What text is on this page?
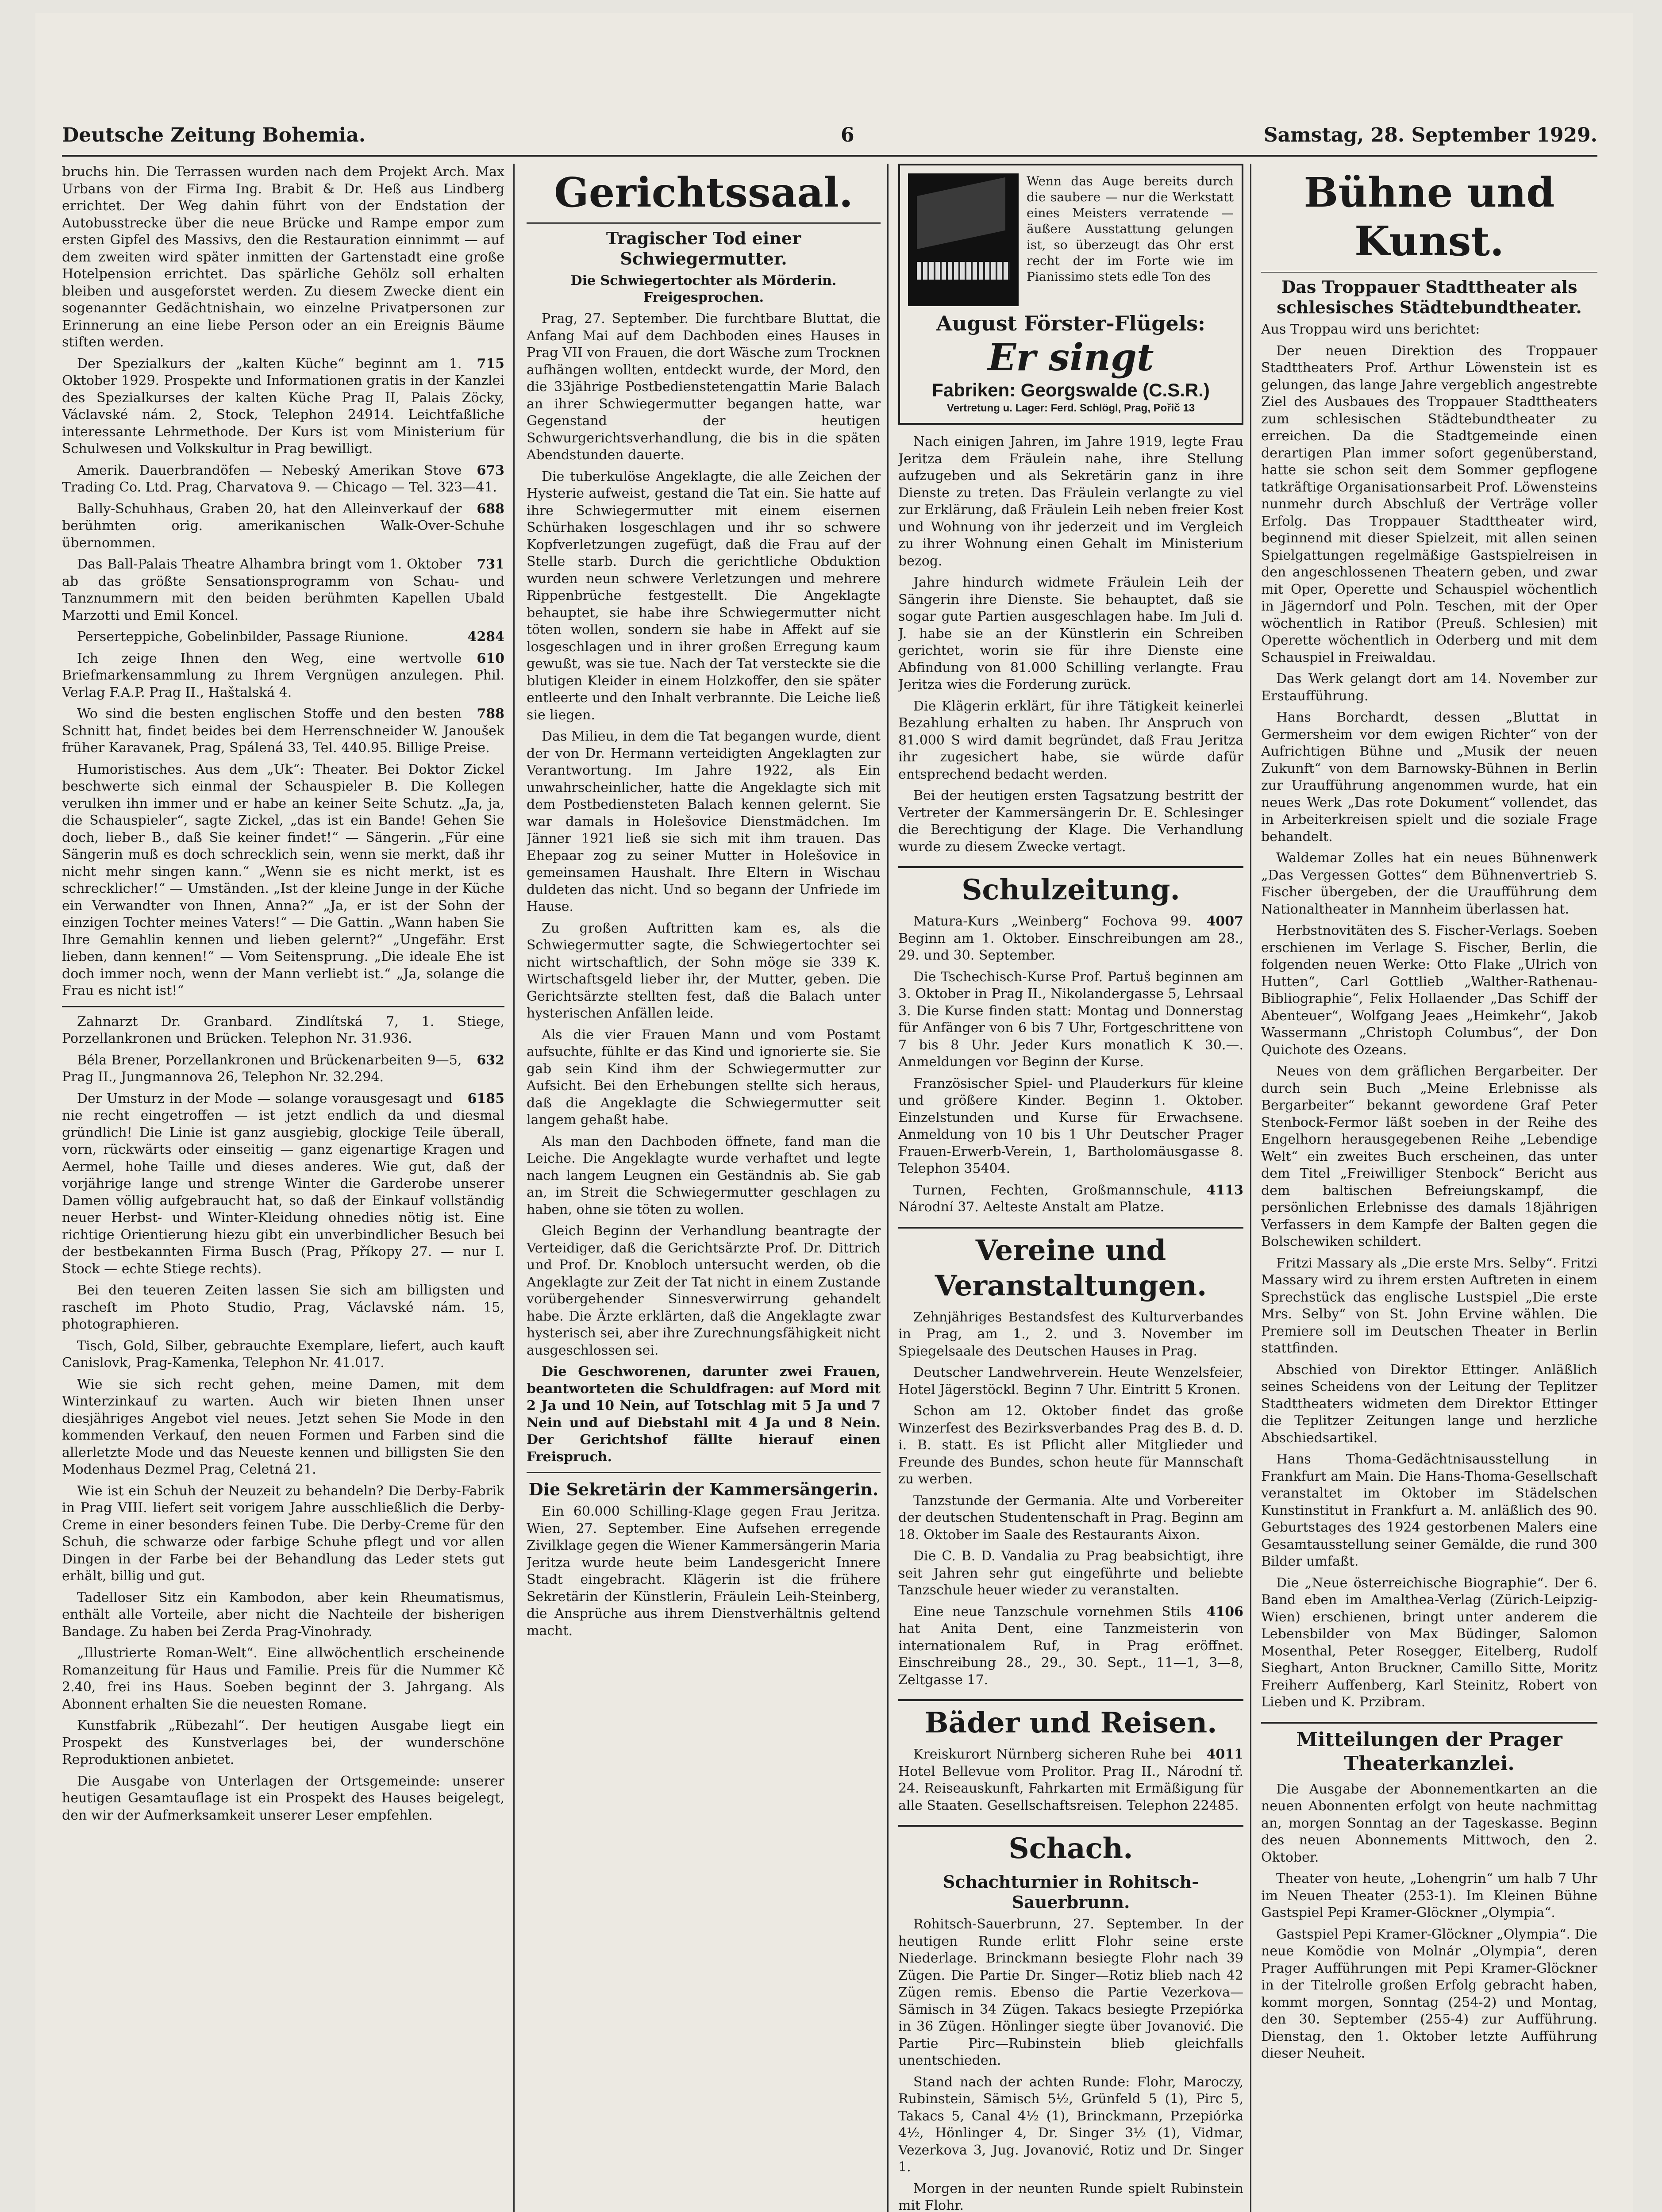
Deutsche Zeitung Bohemia.	6	Samstag, 28. September 1929.

bruchs hin. Die Terrassen wurden nach dem Projekt Arch. Max Urbans von der Firma Ing. Brabit & Dr. Heß aus Lindberg errichtet. Der Weg dahin führt von der Endstation der Autobusstrecke über die neue Brücke und Rampe empor zum ersten Gipfel des Massivs, den die Restauration einnimmt — auf dem zweiten wird später inmitten der Gartenstadt eine große Hotelpension errichtet. Das spärliche Gehölz soll erhalten bleiben und ausgeforstet werden. Zu diesem Zwecke dient ein sogenannter Gedächtnishain, wo einzelne Privatpersonen zur Erinnerung an eine liebe Person oder an ein Ereignis Bäume stiften werden.

715
Der Spezialkurs der „kalten Küche“ beginnt am 1. Oktober 1929. Prospekte und Informationen gratis in der Kanzlei des Spezialkurses der kalten Küche Prag II, Palais Zöcky, Václavské nám. 2, Stock, Telephon 24914. Leichtfaßliche interessante Lehrmethode. Der Kurs ist vom Ministerium für Schulwesen und Volkskultur in Prag bewilligt.

673
Amerik. Dauerbrandöfen — Nebeský Amerikan Stove Trading Co. Ltd. Prag, Charvatova 9. — Chicago — Tel. 323—41.

688
Bally-Schuhhaus, Graben 20, hat den Alleinverkauf der berühmten orig. amerikanischen Walk-Over-Schuhe übernommen.

731
Das Ball-Palais Theatre Alhambra bringt vom 1. Oktober ab das größte Sensationsprogramm von Schau- und Tanznummern mit den beiden berühmten Kapellen Ubald Marzotti und Emil Koncel.

4284
Perserteppiche, Gobelinbilder, Passage Riunione.

610
Ich zeige Ihnen den Weg, eine wertvolle Briefmarkensammlung zu Ihrem Vergnügen anzulegen. Phil. Verlag F.A.P. Prag II., Haštalská 4.

788
Wo sind die besten englischen Stoffe und den besten Schnitt hat, findet beides bei dem Herrenschneider W. Janoušek früher Karavanek, Prag, Spálená 33, Tel. 440.95. Billige Preise.

Humoristisches. Aus dem „Uk“: Theater. Bei Doktor Zickel beschwerte sich einmal der Schauspieler B. Die Kollegen verulken ihn immer und er habe an keiner Seite Schutz. „Ja, ja, die Schauspieler“, sagte Zickel, „das ist ein Bande! Gehen Sie doch, lieber B., daß Sie keiner findet!“ — Sängerin. „Für eine Sängerin muß es doch schrecklich sein, wenn sie merkt, daß ihr nicht mehr singen kann.“ „Wenn sie es nicht merkt, ist es schrecklicher!“ — Umständen. „Ist der kleine Junge in der Küche ein Verwandter von Ihnen, Anna?“ „Ja, er ist der Sohn der einzigen Tochter meines Vaters!“ — Die Gattin. „Wann haben Sie Ihre Gemahlin kennen und lieben gelernt?“ „Ungefähr. Erst lieben, dann kennen!“ — Vom Seitensprung. „Die ideale Ehe ist doch immer noch, wenn der Mann verliebt ist.“ „Ja, solange die Frau es nicht ist!“

Zahnarzt Dr. Granbard. Zindlítská 7, 1. Stiege, Porzellankronen und Brücken. Telephon Nr. 31.936.

632
Béla Brener, Porzellankronen und Brückenarbeiten 9—5, Prag II., Jungmannova 26, Telephon Nr. 32.294.

6185
Der Umsturz in der Mode — solange vorausgesagt und nie recht eingetroffen — ist jetzt endlich da und diesmal gründlich! Die Linie ist ganz ausgiebig, glockige Teile überall, vorn, rückwärts oder einseitig — ganz eigenartige Kragen und Aermel, hohe Taille und dieses anderes. Wie gut, daß der vorjährige lange und strenge Winter die Garderobe unserer Damen völlig aufgebraucht hat, so daß der Einkauf vollständig neuer Herbst- und Winter-Kleidung ohnedies nötig ist. Eine richtige Orientierung hiezu gibt ein unverbindlicher Besuch bei der bestbekannten Firma Busch (Prag, Příkopy 27. — nur I. Stock — echte Stiege rechts).

Bei den teueren Zeiten lassen Sie sich am billigsten und rascheſt im Photo Studio, Prag, Václavské nám. 15, photographieren.

Tisch, Gold, Silber, gebrauchte Exemplare, liefert, auch kauft Canislovk, Prag-Kamenka, Telephon Nr. 41.017.

Wie sie sich recht gehen, meine Damen, mit dem Winterzinkauf zu warten. Auch wir bieten Ihnen unser diesjähriges Angebot viel neues. Jetzt sehen Sie Mode in den kommenden Verkauf, den neuen Formen und Farben sind die allerletzte Mode und das Neueste kennen und billigsten Sie den Modenhaus Dezmel Prag, Celetná 21.

Wie ist ein Schuh der Neuzeit zu behandeln? Die Derby-Fabrik in Prag VIII. liefert seit vorigem Jahre ausschließlich die Derby-Creme in einer besonders feinen Tube. Die Derby-Creme für den Schuh, die schwarze oder farbige Schuhe pflegt und vor allen Dingen in der Farbe bei der Behandlung das Leder stets gut erhält, billig und gut.

Tadelloser Sitz ein Kambodon, aber kein Rheumatismus, enthält alle Vorteile, aber nicht die Nachteile der bisherigen Bandage. Zu haben bei Zerda Prag-Vinohrady.

„Illustrierte Roman-Welt“. Eine allwöchentlich erscheinende Romanzeitung für Haus und Familie. Preis für die Nummer Kč 2.40, frei ins Haus. Soeben beginnt der 3. Jahrgang. Als Abonnent erhalten Sie die neuesten Romane.

Kunstfabrik „Rübezahl“. Der heutigen Ausgabe liegt ein Prospekt des Kunstverlages bei, der wunderschöne Reproduktionen anbietet.

Die Ausgabe von Unterlagen der Ortsgemeinde: unserer heutigen Gesamtauflage ist ein Prospekt des Hauses beigelegt, den wir der Aufmerksamkeit unserer Leser empfehlen.

Gerichtssaal.
Tragischer Tod einer Schwiegermutter.
Die Schwiegertochter als Mörderin. Freigesprochen.

Prag, 27. September. Die furchtbare Bluttat, die Anfang Mai auf dem Dachboden eines Hauses in Prag VII von Frauen, die dort Wäsche zum Trocknen aufhängen wollten, entdeckt wurde, der Mord, den die 33jährige Postbedienstetengattin Marie Balach an ihrer Schwiegermutter begangen hatte, war Gegenstand der heutigen Schwurgerichtsverhandlung, die bis in die späten Abendstunden dauerte.

Die tuberkulöse Angeklagte, die alle Zeichen der Hysterie aufweist, gestand die Tat ein. Sie hatte auf ihre Schwiegermutter mit einem eisernen Schürhaken losgeschlagen und ihr so schwere Kopfverletzungen zugefügt, daß die Frau auf der Stelle starb. Durch die gerichtliche Obduktion wurden neun schwere Verletzungen und mehrere Rippenbrüche festgestellt. Die Angeklagte behauptet, sie habe ihre Schwiegermutter nicht töten wollen, sondern sie habe in Affekt auf sie losgeschlagen und in ihrer großen Erregung kaum gewußt, was sie tue. Nach der Tat versteckte sie die blutigen Kleider in einem Holzkoffer, den sie später entleerte und den Inhalt verbrannte. Die Leiche ließ sie liegen.

Das Milieu, in dem die Tat begangen wurde, dient der von Dr. Hermann verteidigten Angeklagten zur Verantwortung. Im Jahre 1922, als Ein unwahrscheinlicher, hatte die Angeklagte sich mit dem Postbediensteten Balach kennen gelernt. Sie war damals in Holešovice Dienstmädchen. Im Jänner 1921 ließ sie sich mit ihm trauen. Das Ehepaar zog zu seiner Mutter in Holešovice in gemeinsamen Haushalt. Ihre Eltern in Wischau duldeten das nicht. Und so begann der Unfriede im Hause.

Zu großen Auftritten kam es, als die Schwiegermutter sagte, die Schwiegertochter sei nicht wirtschaftlich, der Sohn möge sie 339 K. Wirtschaftsgeld lieber ihr, der Mutter, geben. Die Gerichtsärzte stellten fest, daß die Balach unter hysterischen Anfällen leide.

Als die vier Frauen Mann und vom Postamt aufsuchte, fühlte er das Kind und ignorierte sie. Sie gab sein Kind ihm der Schwiegermutter zur Aufsicht. Bei den Erhebungen stellte sich heraus, daß die Angeklagte die Schwiegermutter seit langem gehaßt habe.

Als man den Dachboden öffnete, fand man die Leiche. Die Angeklagte wurde verhaftet und legte nach langem Leugnen ein Geständnis ab. Sie gab an, im Streit die Schwiegermutter geschlagen zu haben, ohne sie töten zu wollen.

Gleich Beginn der Verhandlung beantragte der Verteidiger, daß die Gerichtsärzte Prof. Dr. Dittrich und Prof. Dr. Knobloch untersucht werden, ob die Angeklagte zur Zeit der Tat nicht in einem Zustande vorübergehender Sinnesverwirrung gehandelt habe. Die Ärzte erklärten, daß die Angeklagte zwar hysterisch sei, aber ihre Zurechnungsfähigkeit nicht ausgeschlossen sei.

Die Geschworenen, darunter zwei Frauen, beantworteten die Schuldfragen: auf Mord mit 2 Ja und 10 Nein, auf Totschlag mit 5 Ja und 7 Nein und auf Diebstahl mit 4 Ja und 8 Nein. Der Gerichtshof fällte hierauf einen Freispruch.

Die Sekretärin der Kammersängerin.

Ein 60.000 Schilling-Klage gegen Frau Jeritza. Wien, 27. September. Eine Aufsehen erregende Zivilklage gegen die Wiener Kammersängerin Maria Jeritza wurde heute beim Landesgericht Innere Stadt eingebracht. Klägerin ist die frühere Sekretärin der Künstlerin, Fräulein Leih-Steinberg, die Ansprüche aus ihrem Dienstverhältnis geltend macht.

Wenn das Auge bereits durch die saubere — nur die Werkstatt eines Meisters verratende — äußere Ausstattung gelungen ist, so überzeugt das Ohr erst recht der im Forte wie im Pianissimo stets edle Ton des
August Förster-Flügels:
Er singt
Fabriken: Georgswalde (C.S.R.)
Vertretung u. Lager: Ferd. Schlögl, Prag, Pořič 13

Nach einigen Jahren, im Jahre 1919, legte Frau Jeritza dem Fräulein nahe, ihre Stellung aufzugeben und als Sekretärin ganz in ihre Dienste zu treten. Das Fräulein verlangte zu viel zur Erklärung, daß Fräulein Leih neben freier Kost und Wohnung von ihr jederzeit und im Vergleich zu ihrer Wohnung einen Gehalt im Ministerium bezog.

Jahre hindurch widmete Fräulein Leih der Sängerin ihre Dienste. Sie behauptet, daß sie sogar gute Partien ausgeschlagen habe. Im Juli d. J. habe sie an der Künstlerin ein Schreiben gerichtet, worin sie für ihre Dienste eine Abfindung von 81.000 Schilling verlangte. Frau Jeritza wies die Forderung zurück.

Die Klägerin erklärt, für ihre Tätigkeit keinerlei Bezahlung erhalten zu haben. Ihr Anspruch von 81.000 S wird damit begründet, daß Frau Jeritza ihr zugesichert habe, sie würde dafür entsprechend bedacht werden.

Bei der heutigen ersten Tagsatzung bestritt der Vertreter der Kammersängerin Dr. E. Schlesinger die Berechtigung der Klage. Die Verhandlung wurde zu diesem Zwecke vertagt.

Schulzeitung.

4007
Matura-Kurs „Weinberg“ Fochova 99. Beginn am 1. Oktober. Einschreibungen am 28., 29. und 30. September.

Die Tschechisch-Kurse Prof. Partuš beginnen am 3. Oktober in Prag II., Nikolandergasse 5, Lehrsaal 3. Die Kurse finden statt: Montag und Donnerstag für Anfänger von 6 bis 7 Uhr, Fortgeschrittene von 7 bis 8 Uhr. Jeder Kurs monatlich K 30.—. Anmeldungen vor Beginn der Kurse.

Französischer Spiel- und Plauderkurs für kleine und größere Kinder. Beginn 1. Oktober. Einzelstunden und Kurse für Erwachsene. Anmeldung von 10 bis 1 Uhr Deutscher Prager Frauen-Erwerb-Verein, 1, Bartholomäusgasse 8. Telephon 35404.

4113
Turnen, Fechten, Großmannschule, Národní 37. Aelteste Anstalt am Platze.

Vereine und Veranstaltungen.

Zehnjähriges Bestandsfest des Kulturverbandes in Prag, am 1., 2. und 3. November im Spiegelsaale des Deutschen Hauses in Prag.

Deutscher Landwehrverein. Heute Wenzelsfeier, Hotel Jägerstöckl. Beginn 7 Uhr. Eintritt 5 Kronen.

Schon am 12. Oktober findet das große Winzerfest des Bezirksverbandes Prag des B. d. D. i. B. statt. Es ist Pflicht aller Mitglieder und Freunde des Bundes, schon heute für Mannschaft zu werben.

Tanzstunde der Germania. Alte und Vorbereiter der deutschen Studentenschaft in Prag. Beginn am 18. Oktober im Saale des Restaurants Aixon.

Die C. B. D. Vandalia zu Prag beabsichtigt, ihre seit Jahren sehr gut eingeführte und beliebte Tanzschule heuer wieder zu veranstalten.

4106
Eine neue Tanzschule vornehmen Stils hat Anita Dent, eine Tanzmeisterin von internationalem Ruf, in Prag eröffnet. Einschreibung 28., 29., 30. Sept., 11—1, 3—8, Zeltgasse 17.

Bäder und Reisen.

4011
Kreiskurort Nürnberg sicheren Ruhe bei Hotel Bellevue vom Prolitor. Prag II., Národní tř. 24. Reiseauskunft, Fahrkarten mit Ermäßigung für alle Staaten. Gesellschaftsreisen. Telephon 22485.

Schach.
Schachturnier in Rohitsch-Sauerbrunn.

Rohitsch-Sauerbrunn, 27. September. In der heutigen Runde erlitt Flohr seine erste Niederlage. Brinckmann besiegte Flohr nach 39 Zügen. Die Partie Dr. Singer—Rotiz blieb nach 42 Zügen remis. Ebenso die Partie Vezerkova—Sämisch in 34 Zügen. Takacs besiegte Przepiórka in 36 Zügen. Hönlinger siegte über Jovanović. Die Partie Pirc—Rubinstein blieb gleichfalls unentschieden.

Stand nach der achten Runde: Flohr, Maroczy, Rubinstein, Sämisch 5½, Grünfeld 5 (1), Pirc 5, Takacs 5, Canal 4½ (1), Brinckmann, Przepiórka 4½, Hönlinger 4, Dr. Singer 3½ (1), Vidmar, Vezerkova 3, Jug. Jovanović, Rotiz und Dr. Singer 1.

Morgen in der neunten Runde spielt Rubinstein mit Flohr.

Bühne und Kunst.
Das Troppauer Stadttheater als schlesisches Städtebundtheater.

Aus Troppau wird uns berichtet:

Der neuen Direktion des Troppauer Stadttheaters Prof. Arthur Löwenstein ist es gelungen, das lange Jahre vergeblich angestrebte Ziel des Ausbaues des Troppauer Stadttheaters zum schlesischen Städtebundtheater zu erreichen. Da die Stadtgemeinde einen derartigen Plan immer sofort gegenüberstand, hatte sie schon seit dem Sommer gepflogene tatkräftige Organisationsarbeit Prof. Löwensteins nunmehr durch Abschluß der Verträge voller Erfolg. Das Troppauer Stadttheater wird, beginnend mit dieser Spielzeit, mit allen seinen Spielgattungen regelmäßige Gastspielreisen in den angeschlossenen Theatern geben, und zwar mit Oper, Operette und Schauspiel wöchentlich in Jägerndorf und Poln. Teschen, mit der Oper wöchentlich in Ratibor (Preuß. Schlesien) mit Operette wöchentlich in Oderberg und mit dem Schauspiel in Freiwaldau.

Das Werk gelangt dort am 14. November zur Erstaufführung.

Hans Borchardt, dessen „Bluttat in Germersheim vor dem ewigen Richter“ von der Aufrichtigen Bühne und „Musik der neuen Zukunft“ von dem Barnowsky-Bühnen in Berlin zur Uraufführung angenommen wurde, hat ein neues Werk „Das rote Dokument“ vollendet, das in Arbeiterkreisen spielt und die soziale Frage behandelt.

Waldemar Zolles hat ein neues Bühnenwerk „Das Vergessen Gottes“ dem Bühnenvertrieb S. Fischer übergeben, der die Uraufführung dem Nationaltheater in Mannheim überlassen hat.

Herbstnovitäten des S. Fischer-Verlags. Soeben erschienen im Verlage S. Fischer, Berlin, die folgenden neuen Werke: Otto Flake „Ulrich von Hutten“, Carl Gottlieb „Walther-Rathenau-Bibliographie“, Felix Hollaender „Das Schiff der Abenteuer“, Wolfgang Jeaes „Heimkehr“, Jakob Wassermann „Christoph Columbus“, der Don Quichote des Ozeans.

Neues von dem gräflichen Bergarbeiter. Der durch sein Buch „Meine Erlebnisse als Bergarbeiter“ bekannt gewordene Graf Peter Stenbock-Fermor läßt soeben in der Reihe des Engelhorn herausgegebenen Reihe „Lebendige Welt“ ein zweites Buch erscheinen, das unter dem Titel „Freiwilliger Stenbock“ Bericht aus dem baltischen Befreiungskampf, die persönlichen Erlebnisse des damals 18jährigen Verfassers in dem Kampfe der Balten gegen die Bolschewiken schildert.

Fritzi Massary als „Die erste Mrs. Selby“. Fritzi Massary wird zu ihrem ersten Auftreten in einem Sprechstück das englische Lustspiel „Die erste Mrs. Selby“ von St. John Ervine wählen. Die Premiere soll im Deutschen Theater in Berlin stattfinden.

Abschied von Direktor Ettinger. Anläßlich seines Scheidens von der Leitung der Teplitzer Stadttheaters widmeten dem Direktor Ettinger die Teplitzer Zeitungen lange und herzliche Abschiedsartikel.

Hans Thoma-Gedächtnisausstellung in Frankfurt am Main. Die Hans-Thoma-Gesellschaft veranstaltet im Oktober im Städelschen Kunstinstitut in Frankfurt a. M. anläßlich des 90. Geburtstages des 1924 gestorbenen Malers eine Gesamtausstellung seiner Gemälde, die rund 300 Bilder umfaßt.

Die „Neue österreichische Biographie“. Der 6. Band eben im Amalthea-Verlag (Zürich-Leipzig-Wien) erschienen, bringt unter anderem die Lebensbilder von Max Büdinger, Salomon Mosenthal, Peter Rosegger, Eitelberg, Rudolf Sieghart, Anton Bruckner, Camillo Sitte, Moritz Freiherr Auffenberg, Karl Steinitz, Robert von Lieben und K. Przibram.

Mitteilungen der Prager Theaterkanzlei.

Die Ausgabe der Abonnementkarten an die neuen Abonnenten erfolgt von heute nachmittag an, morgen Sonntag an der Tageskasse. Beginn des neuen Abonnements Mittwoch, den 2. Oktober.

Theater von heute, „Lohengrin“ um halb 7 Uhr im Neuen Theater (253-1). Im Kleinen Bühne Gastspiel Pepi Kramer-Glöckner „Olympia“.

Gastspiel Pepi Kramer-Glöckner „Olympia“. Die neue Komödie von Molnár „Olympia“, deren Prager Aufführungen mit Pepi Kramer-Glöckner in der Titelrolle großen Erfolg gebracht haben, kommt morgen, Sonntag (254-2) und Montag, den 30. September (255-4) zur Aufführung. Dienstag, den 1. Oktober letzte Aufführung dieser Neuheit.
